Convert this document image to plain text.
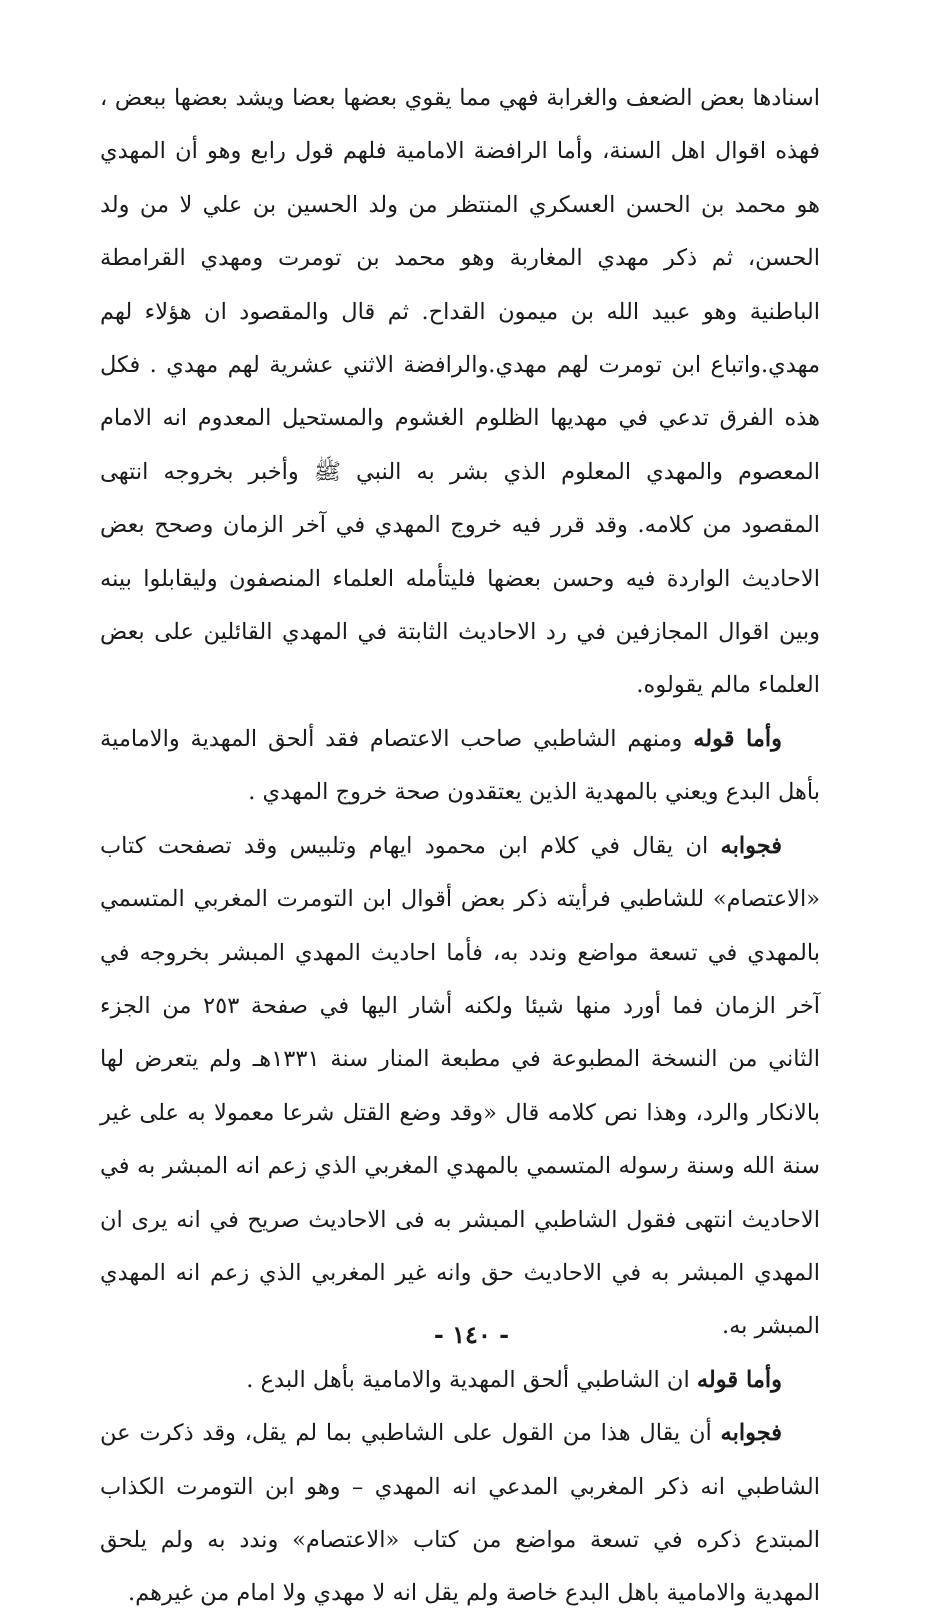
اسنادها بعض الضعف والغرابة فهي مما يقوي بعضها بعضا ويشد بعضها ببعض ، فهذه اقوال اهل السنة، وأما الرافضة الامامية فلهم قول رابع وهو أن المهدي هو محمد بن الحسن العسكري المنتظر من ولد الحسين بن علي لا من ولد الحسن، ثم ذكر مهدي المغاربة وهو محمد بن تومرت ومهدي القرامطة الباطنية وهو عبيد الله بن ميمون القداح. ثم قال والمقصود ان هؤلاء لهم مهدي.واتباع ابن تومرت لهم مهدي.والرافضة الاثني عشرية لهم مهدي . فكل هذه الفرق تدعي في مهديها الظلوم الغشوم والمستحيل المعدوم انه الامام المعصوم والمهدي المعلوم الذي بشر به النبي ﷺ وأخبر بخروجه انتهى المقصود من كلامه. وقد قرر فيه خروج المهدي في آخر الزمان وصحح بعض الاحاديث الواردة فيه وحسن بعضها فليتأمله العلماء المنصفون وليقابلوا بينه وبين اقوال المجازفين في رد الاحاديث الثابتة في المهدي القائلين على بعض العلماء مالم يقولوه.

وأما قوله ومنهم الشاطبي صاحب الاعتصام فقد ألحق المهدية والامامية بأهل البدع ويعني بالمهدية الذين يعتقدون صحة خروج المهدي .

فجوابه ان يقال في كلام ابن محمود ايهام وتلبيس وقد تصفحت كتاب «الاعتصام» للشاطبي فرأيته ذكر بعض أقوال ابن التومرت المغربي المتسمي بالمهدي في تسعة مواضع وندد به، فأما احاديث المهدي المبشر بخروجه في آخر الزمان فما أورد منها شيئا ولكنه أشار اليها في صفحة ٢٥٣ من الجزء الثاني من النسخة المطبوعة في مطبعة المنار سنة ١٣٣١هـ ولم يتعرض لها بالانكار والرد، وهذا نص كلامه قال «وقد وضع القتل شرعا معمولا به على غير سنة الله وسنة رسوله المتسمي بالمهدي المغربي الذي زعم انه المبشر به في الاحاديث انتهى فقول الشاطبي المبشر به فى الاحاديث صريح في انه يرى ان المهدي المبشر به في الاحاديث حق وانه غير المغربي الذي زعم انه المهدي المبشر به.

وأما قوله ان الشاطبي ألحق المهدية والامامية بأهل البدع .

فجوابه أن يقال هذا من القول على الشاطبي بما لم يقل، وقد ذكرت عن الشاطبي انه ذكر المغربي المدعي انه المهدي – وهو ابن التومرت الكذاب المبتدع ذكره في تسعة مواضع من كتاب «الاعتصام» وندد به ولم يلحق المهدية والامامية باهل البدع خاصة ولم يقل انه لا مهدي ولا امام من غيرهم.

- ١٤٠ -
